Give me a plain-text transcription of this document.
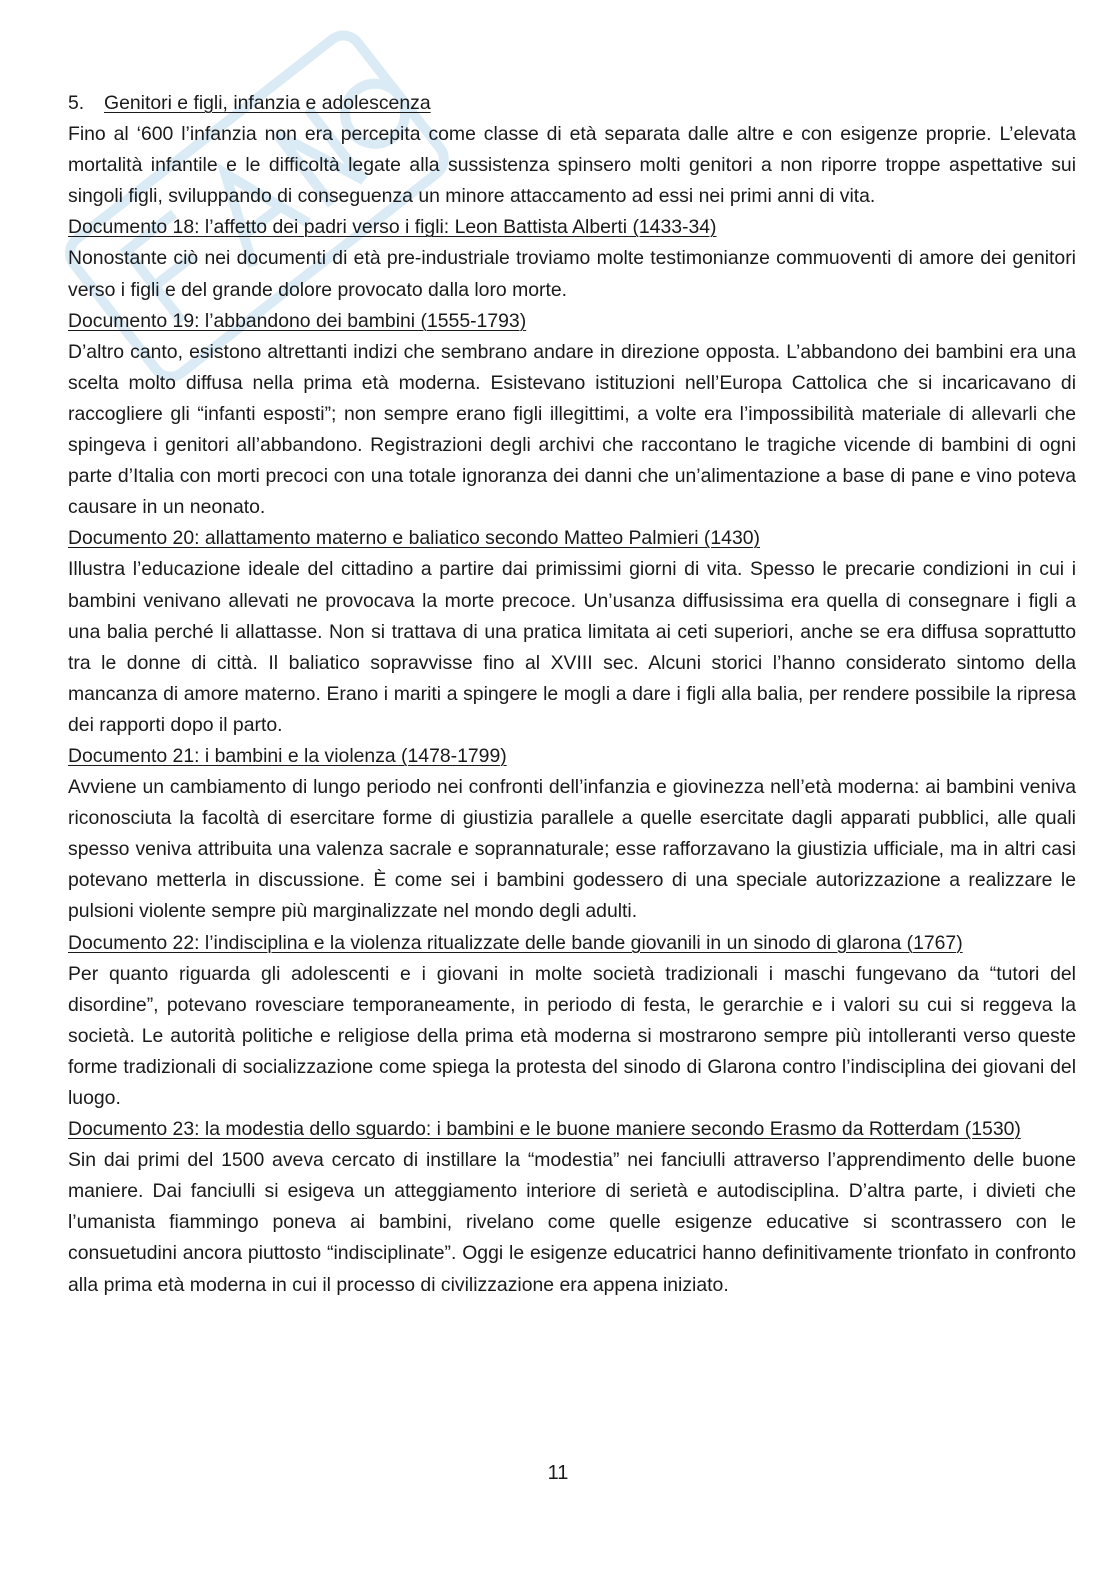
5. Genitori e figli, infanzia e adolescenza

Fino al ‘600 l’infanzia non era percepita come classe di età separata dalle altre e con esigenze proprie. L’elevata mortalità infantile e le difficoltà legate alla sussistenza spinsero molti genitori a non riporre troppe aspettative sui singoli figli, sviluppando di conseguenza un minore attaccamento ad essi nei primi anni di vita.

Documento 18: l’affetto dei padri verso i figli: Leon Battista Alberti (1433-34)

Nonostante ciò nei documenti di età pre-industriale troviamo molte testimonianze commuoventi di amore dei genitori verso i figli e del grande dolore provocato dalla loro morte.

Documento 19: l’abbandono dei bambini (1555-1793)

D’altro canto, esistono altrettanti indizi che sembrano andare in direzione opposta. L’abbandono dei bambini era una scelta molto diffusa nella prima età moderna. Esistevano istituzioni nell’Europa Cattolica che si incaricavano di raccogliere gli “infanti esposti”; non sempre erano figli illegittimi, a volte era l’impossibilità materiale di allevarli che spingeva i genitori all’abbandono. Registrazioni degli archivi che raccontano le tragiche vicende di bambini di ogni parte d’Italia con morti precoci con una totale ignoranza dei danni che un’alimentazione a base di pane e vino poteva causare in un neonato.

Documento 20: allattamento materno e baliatico secondo Matteo Palmieri (1430)

Illustra l’educazione ideale del cittadino a partire dai primissimi giorni di vita. Spesso le precarie condizioni in cui i bambini venivano allevati ne provocava la morte precoce. Un’usanza diffusissima era quella di consegnare i figli a una balia perché li allattasse. Non si trattava di una pratica limitata ai ceti superiori, anche se era diffusa soprattutto tra le donne di città. Il baliatico sopravvisse fino al XVIII sec. Alcuni storici l’hanno considerato sintomo della mancanza di amore materno. Erano i mariti a spingere le mogli a dare i figli alla balia, per rendere possibile la ripresa dei rapporti dopo il parto.

Documento 21: i bambini e la violenza (1478-1799)

Avviene un cambiamento di lungo periodo nei confronti dell’infanzia e giovinezza nell’età moderna: ai bambini veniva riconosciuta la facoltà di esercitare forme di giustizia parallele a quelle esercitate dagli apparati pubblici, alle quali spesso veniva attribuita una valenza sacrale e soprannaturale; esse rafforzavano la giustizia ufficiale, ma in altri casi potevano metterla in discussione. È come sei i bambini godessero di una speciale autorizzazione a realizzare le pulsioni violente sempre più marginalizzate nel mondo degli adulti.

Documento 22: l’indisciplina e la violenza ritualizzate delle bande giovanili in un sinodo di glarona (1767)

Per quanto riguarda gli adolescenti e i giovani in molte società tradizionali i maschi fungevano da “tutori del disordine”, potevano rovesciare temporaneamente, in periodo di festa, le gerarchie e i valori su cui si reggeva la società. Le autorità politiche e religiose della prima età moderna si mostrarono sempre più intolleranti verso queste forme tradizionali di socializzazione come spiega la protesta del sinodo di Glarona contro l’indisciplina dei giovani del luogo.

Documento 23: la modestia dello sguardo: i bambini e le buone maniere secondo Erasmo da Rotterdam (1530)

Sin dai primi del 1500 aveva cercato di instillare la “modestia” nei fanciulli attraverso l’apprendimento delle buone maniere. Dai fanciulli si esigeva un atteggiamento interiore di serietà e autodisciplina. D’altra parte, i divieti che l’umanista fiammingo poneva ai bambini, rivelano come quelle esigenze educative si scontrassero con le consuetudini ancora piuttosto “indisciplinate”. Oggi le esigenze educatrici hanno definitivamente trionfato in confronto alla prima età moderna in cui il processo di civilizzazione era appena iniziato.

11
